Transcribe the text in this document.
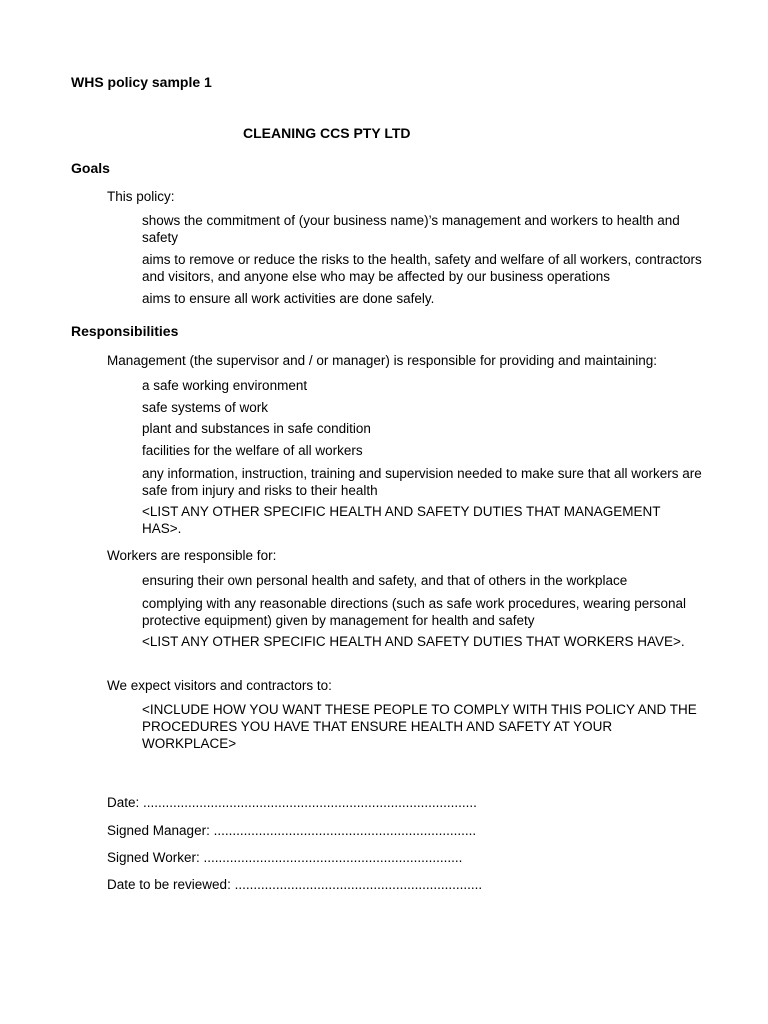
WHS policy sample 1

CLEANING CCS PTY LTD

Goals

This policy:

shows the commitment of (your business name)’s management and workers to health and safety

aims to remove or reduce the risks to the health, safety and welfare of all workers, contractors and visitors, and anyone else who may be affected by our business operations

aims to ensure all work activities are done safely.

Responsibilities

Management (the supervisor and / or manager) is responsible for providing and maintaining:

a safe working environment

safe systems of work

plant and substances in safe condition

facilities for the welfare of all workers

any information, instruction, training and supervision needed to make sure that all workers are safe from injury and risks to their health

<LIST ANY OTHER SPECIFIC HEALTH AND SAFETY DUTIES THAT MANAGEMENT HAS>.

Workers are responsible for:

ensuring their own personal health and safety, and that of others in the workplace

complying with any reasonable directions (such as safe work procedures, wearing personal protective equipment) given by management for health and safety

<LIST ANY OTHER SPECIFIC HEALTH AND SAFETY DUTIES THAT WORKERS HAVE>.

We expect visitors and contractors to:

<INCLUDE HOW YOU WANT THESE PEOPLE TO COMPLY WITH THIS POLICY AND THE PROCEDURES YOU HAVE THAT ENSURE HEALTH AND SAFETY AT YOUR WORKPLACE>

Date: .........................................................................................

Signed Manager: ......................................................................

Signed Worker: .....................................................................

Date to be reviewed: ..................................................................
